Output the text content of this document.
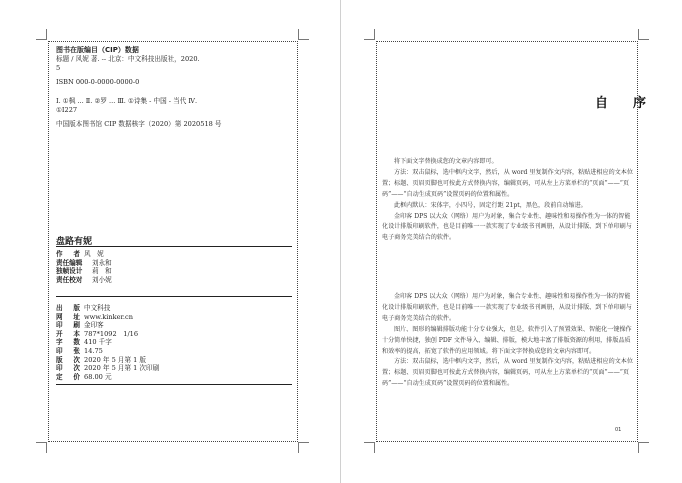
图书在版编目（CIP）数据

标题 / 风妮 著. -- 北京：中文科技出版社，2020.

5

ISBN 000-0-0000-0000-0

Ⅰ. ①枫 ... Ⅱ. ②罗 ... Ⅲ. ①诗集 - 中国 - 当代 Ⅳ.

①I227

中国版本图书馆 CIP 数据核字（2020）第 2020518 号

盘路有妮
作　者 风　妮
责任编辑	刘永和
独帧设计	莉　和
责任校对	刘小妮
出　版 中文科技
网　址 www.kinker.cn
印　刷 金印客
开　本 787*1092　1/16
字　数 410 千字
印　张 14.75
版　次 2020 年 5 月第 1 版
印　次 2020 年 5 月第 1 次印刷
定　价 68.00 元
自　序

将下面文字替换成您的文章内容即可。

方法：双击鼠标，选中框内文字，然后，从 word 里复制作文内容，粘贴进相应的文本位置；标题、页眉页脚也可按此方式替换内容，编辑页码，可从左上方菜单栏的“页面”——“页码”——“自动生成页码”设置页码的位置和属性。

此框内默认：宋体字，小四号，固定行距 21pt，黑色，段前自动缩进。

金印客 DPS 以大众（网络）用户为对象，集合专业性、趣味性和易操作性为一体的智能化设计排版印刷软件，也是目前唯一一款实现了专业级书刊画册，从设计排版、到下单印刷与电子商务完美结合的软件。

金印客 DPS 以大众（网络）用户为对象，集合专业性、趣味性和易操作性为一体的智能化设计排版印刷软件，也是目前唯一一款实现了专业级书刊画册，从设计排版、到下单印刷与电子商务完美结合的软件。

图片、图形的编辑排版功能十分专业强大，但是，软件引入了预置效果、智能化一键操作十分简单快捷，独创 PDF 文件导入、编辑、排版，模大地丰富了排版资源的利用，排版品质和效率的提高，拓宽了软件的应用领域。将下面文字替换成您的文章内容即可。

方法：双击鼠标，选中框内文字，然后，从 word 里复制作文内容，粘贴进相应的文本位置；标题、页眉页脚也可按此方式替换内容，编辑页码，可从左上方菜单栏的“页面”——“页码”——“自动生成页码”设置页码的位置和属性。

01
